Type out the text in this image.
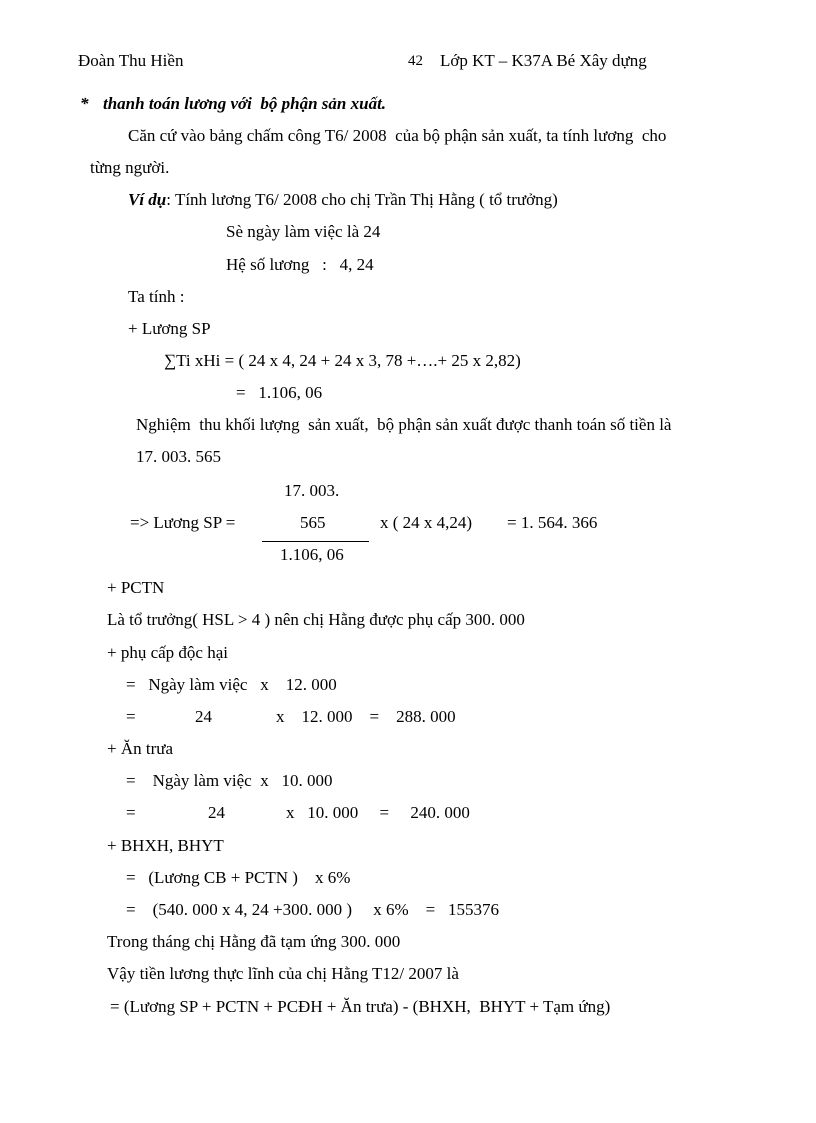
Đoàn Thu Hiền	42 Lớp KT – K37A Bé Xây dựng
* thanh toán lương với  bộ phận sản xuất.
Căn cứ vào bảng chấm công T6/ 2008  của bộ phận sản xuất, ta tính lương  cho
từng người.
Ví dụ: Tính lương T6/ 2008 cho chị Trần Thị Hằng ( tổ trưởng)
Sè ngày làm việc là 24
Hệ số lương   :   4, 24
Ta tính :
+ Lương SP
∑Ti xHi = ( 24 x 4, 24 + 24 x 3, 78 +….+ 25 x 2,82)
=   1.106, 06
Nghiệm  thu khối lượng  sản xuất,  bộ phận sản xuất được thanh toán số tiền là
17. 003. 565
17. 003.
=> Lương SP =	565	x ( 24 x 4,24) = 1. 564. 366
1.106, 06
+ PCTN
Là tổ trưởng( HSL > 4 ) nên chị Hằng được phụ cấp 300. 000
+ phụ cấp độc hại
=   Ngày làm việc   x    12. 000
=	24	x    12. 000    =    288. 000
+ Ăn trưa
=    Ngày làm việc  x   10. 000
=	24	x   10. 000     =     240. 000
+ BHXH, BHYT
=   (Lương CB + PCTN )    x 6%
=    (540. 000 x 4, 24 +300. 000 )     x 6%    =   155376
Trong tháng chị Hằng đã tạm ứng 300. 000
Vậy tiền lương thực lĩnh của chị Hằng T12/ 2007 là
= (Lương SP + PCTN + PCĐH + Ăn trưa) - (BHXH,  BHYT + Tạm ứng)
